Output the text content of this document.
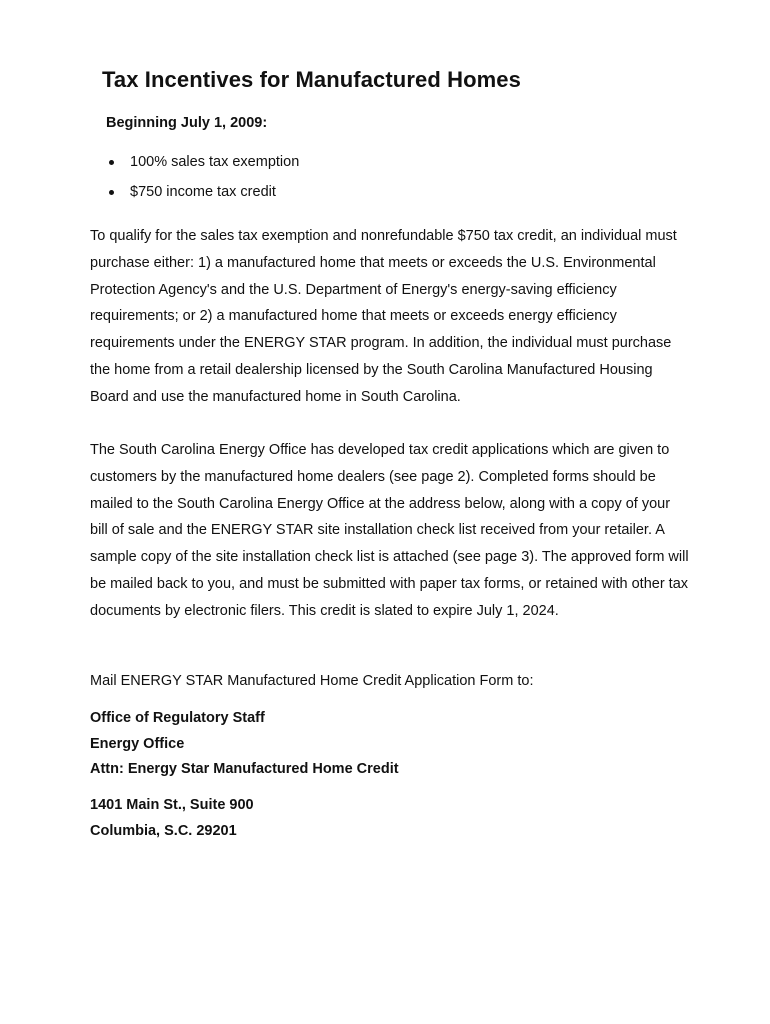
Tax Incentives for Manufactured Homes

Beginning July 1, 2009:

100% sales tax exemption
$750 income tax credit

To qualify for the sales tax exemption and nonrefundable $750 tax credit, an individual must purchase either: 1) a manufactured home that meets or exceeds the U.S. Environmental Protection Agency's and the U.S. Department of Energy's energy-saving efficiency requirements; or 2) a manufactured home that meets or exceeds energy efficiency requirements under the ENERGY STAR program. In addition, the individual must purchase the home from a retail dealership licensed by the South Carolina Manufactured Housing Board and use the manufactured home in South Carolina.

The South Carolina Energy Office has developed tax credit applications which are given to customers by the manufactured home dealers (see page 2). Completed forms should be mailed to the South Carolina Energy Office at the address below, along with a copy of your bill of sale and the ENERGY STAR site installation check list received from your retailer. A sample copy of the site installation check list is attached (see page 3). The approved form will be mailed back to you, and must be submitted with paper tax forms, or retained with other tax documents by electronic filers. This credit is slated to expire July 1, 2024.

Mail ENERGY STAR Manufactured Home Credit Application Form to:

Office of Regulatory Staff
Energy Office
Attn: Energy Star Manufactured Home Credit
1401 Main St., Suite 900
Columbia, S.C. 29201
